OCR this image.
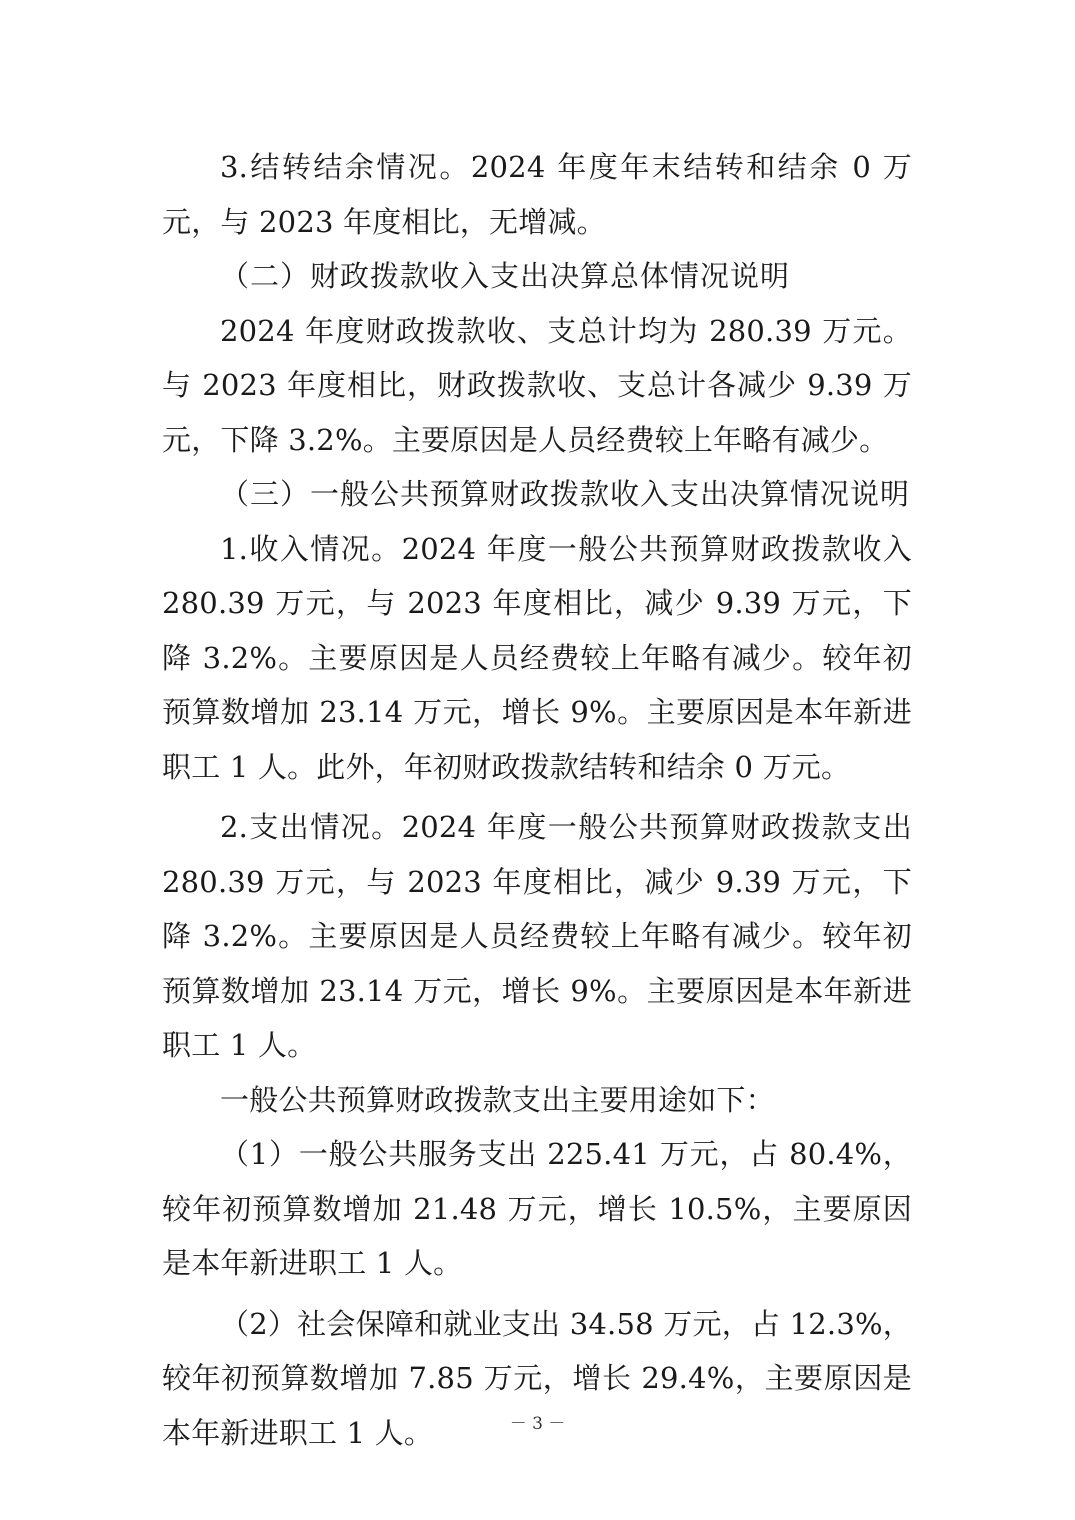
3.结转结余情况。2024 年度年末结转和结余 0 万元，与 2023 年度相比，无增减。

（二）财政拨款收入支出决算总体情况说明

2024 年度财政拨款收、支总计均为 280.39 万元。与 2023 年度相比，财政拨款收、支总计各减少 9.39 万元，下降 3.2%。主要原因是人员经费较上年略有减少。

（三）一般公共预算财政拨款收入支出决算情况说明

1.收入情况。2024 年度一般公共预算财政拨款收入 280.39 万元，与 2023 年度相比，减少 9.39 万元，下降 3.2%。主要原因是人员经费较上年略有减少。较年初预算数增加 23.14 万元，增长 9%。主要原因是本年新进职工 1 人。此外，年初财政拨款结转和结余 0 万元。

2.支出情况。2024 年度一般公共预算财政拨款支出 280.39 万元，与 2023 年度相比，减少 9.39 万元，下降 3.2%。主要原因是人员经费较上年略有减少。较年初预算数增加 23.14 万元，增长 9%。主要原因是本年新进职工 1 人。

一般公共预算财政拨款支出主要用途如下：

（1）一般公共服务支出 225.41 万元，占 80.4%，较年初预算数增加 21.48 万元，增长 10.5%，主要原因是本年新进职工 1 人。

（2）社会保障和就业支出 34.58 万元，占 12.3%，较年初预算数增加 7.85 万元，增长 29.4%，主要原因是本年新进职工 1 人。	－ 3 －
